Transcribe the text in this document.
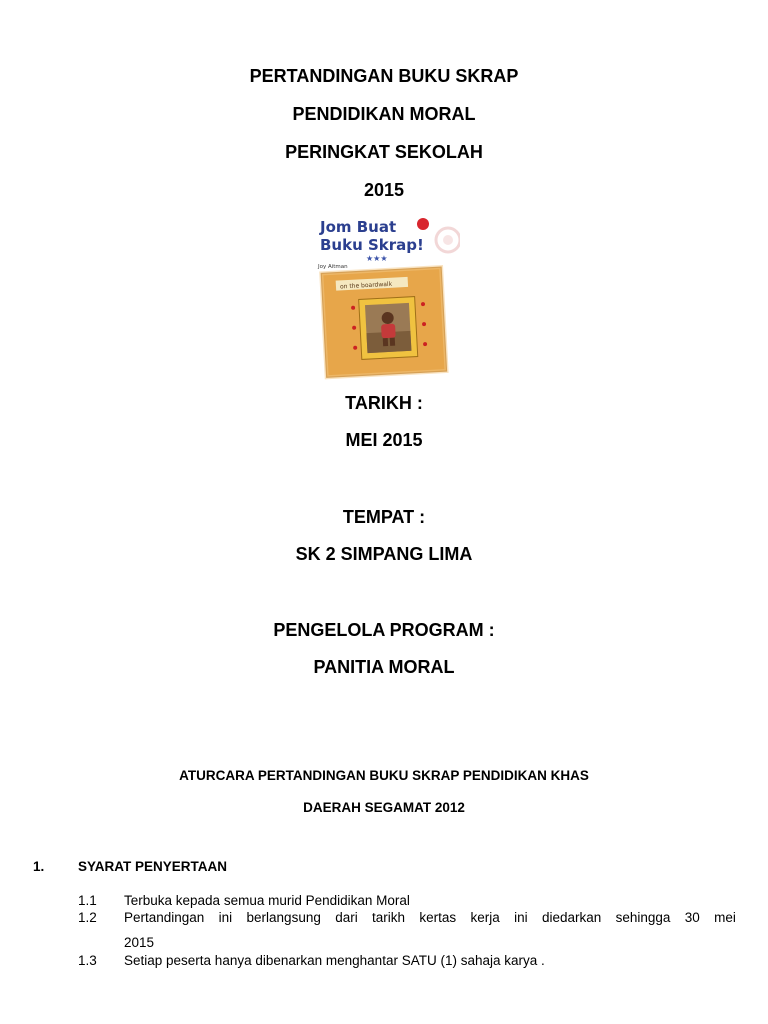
PERTANDINGAN BUKU SKRAP
PENDIDIKAN MORAL
PERINGKAT SEKOLAH
2015
Jom Buat
Buku Skrap!
★★★
Joy Aitman
on the boardwalk
TARIKH :
MEI 2015
TEMPAT :
SK 2 SIMPANG LIMA
PENGELOLA PROGRAM :
PANITIA MORAL
ATURCARA PERTANDINGAN BUKU SKRAP PENDIDIKAN KHAS
DAERAH SEGAMAT 2012
1. SYARAT PENYERTAAN
1.1 Terbuka kepada semua murid Pendidikan Moral
1.2 Pertandingan ini berlangsung dari tarikh kertas kerja ini diedarkan sehingga 30 mei
2015
1.3 Setiap peserta hanya dibenarkan menghantar SATU (1) sahaja karya .
